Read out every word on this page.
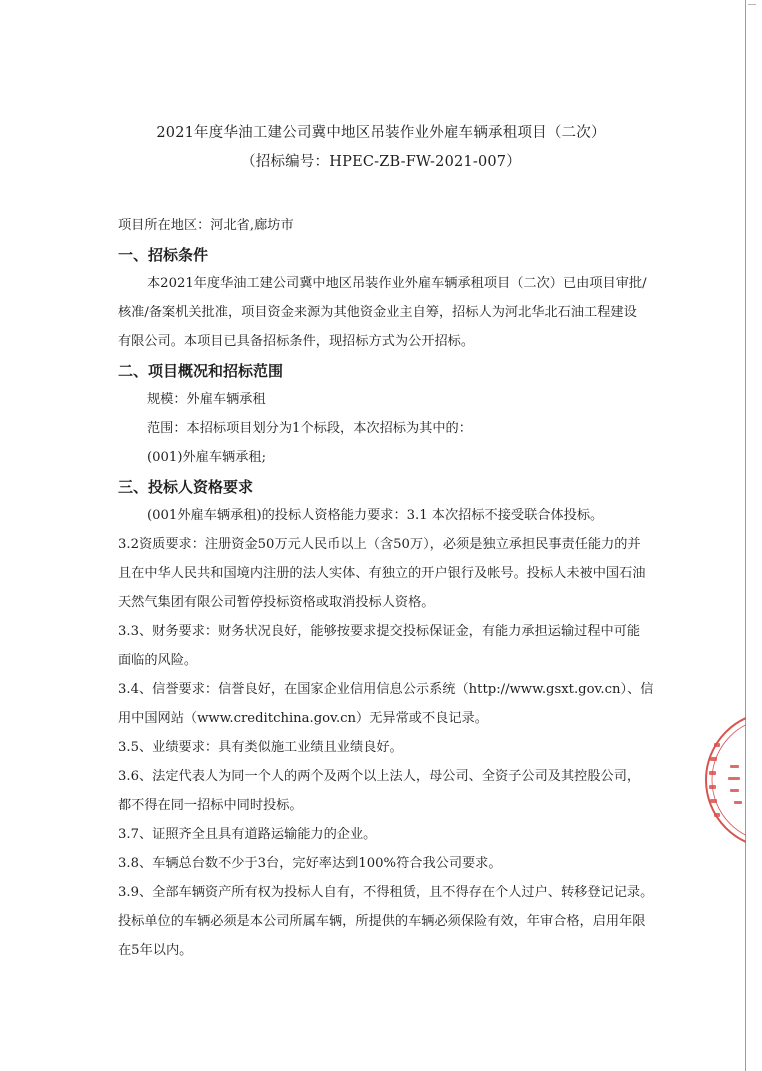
2021年度华油工建公司冀中地区吊装作业外雇车辆承租项目（二次）
（招标编号：HPEC-ZB-FW-2021-007）
项目所在地区：河北省,廊坊市
一、招标条件
本2021年度华油工建公司冀中地区吊装作业外雇车辆承租项目（二次）已由项目审批/
核准/备案机关批准，项目资金来源为其他资金业主自筹，招标人为河北华北石油工程建设
有限公司。本项目已具备招标条件，现招标方式为公开招标。
二、项目概况和招标范围
规模：外雇车辆承租
范围：本招标项目划分为1个标段，本次招标为其中的：
(001)外雇车辆承租;
三、投标人资格要求
(001外雇车辆承租)的投标人资格能力要求：3.1 本次招标不接受联合体投标。
3.2资质要求：注册资金50万元人民币以上（含50万），必须是独立承担民事责任能力的并
且在中华人民共和国境内注册的法人实体、有独立的开户银行及帐号。投标人未被中国石油
天然气集团有限公司暂停投标资格或取消投标人资格。
3.3、财务要求：财务状况良好，能够按要求提交投标保证金，有能力承担运输过程中可能
面临的风险。
3.4、信誉要求：信誉良好，在国家企业信用信息公示系统（http://www.gsxt.gov.cn）、信
用中国网站（www.creditchina.gov.cn）无异常或不良记录。
3.5、业绩要求：具有类似施工业绩且业绩良好。
3.6、法定代表人为同一个人的两个及两个以上法人，母公司、全资子公司及其控股公司，
都不得在同一招标中同时投标。
3.7、证照齐全且具有道路运输能力的企业。
3.8、车辆总台数不少于3台，完好率达到100%符合我公司要求。
3.9、全部车辆资产所有权为投标人自有，不得租赁，且不得存在个人过户、转移登记记录。
投标单位的车辆必须是本公司所属车辆，所提供的车辆必须保险有效，年审合格，启用年限
在5年以内。
